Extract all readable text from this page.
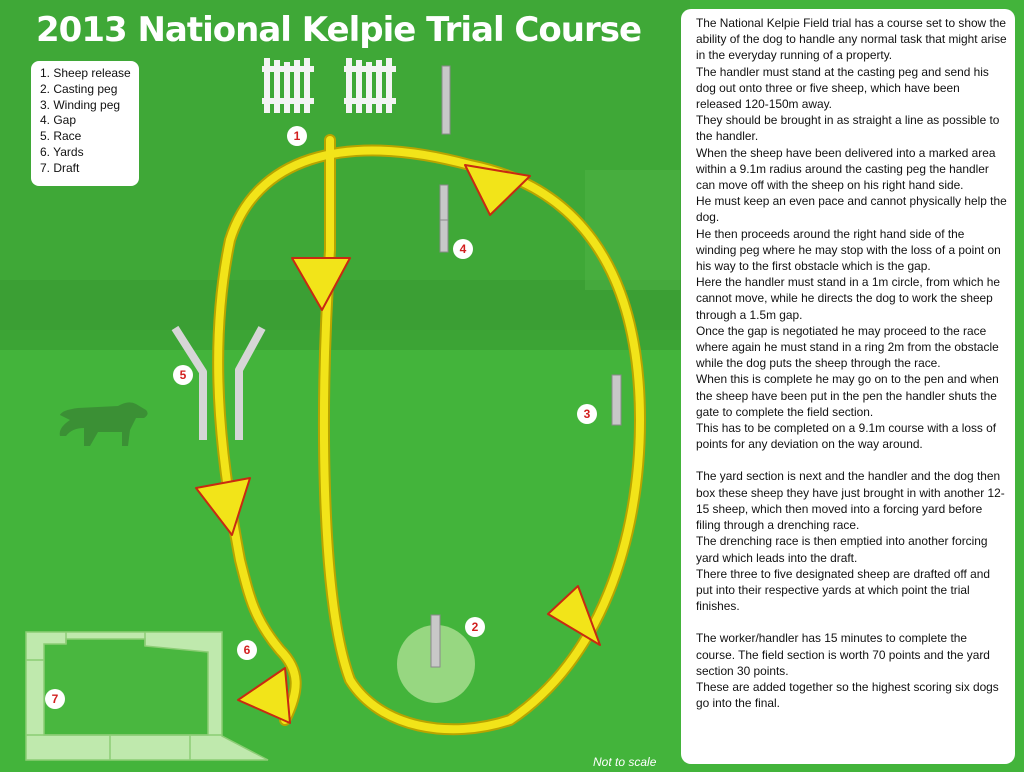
1
2
3
4
5
6
7
2013 National Kelpie Trial Course
1. Sheep release
2. Casting peg
3. Winding peg
4. Gap
5. Race
6. Yards
7. Draft

The National Kelpie Field trial has a course set to show the ability of the dog to handle any normal task that might arise in the everyday running of a property.

The handler must stand at the casting peg and send his dog out onto three or five sheep, which have been released 120-150m away.

They should be brought in as straight a line as possible to the handler.

When the sheep have been delivered into a marked area within a 9.1m radius around the casting peg the handler can move off with the sheep on his right hand side.

He must keep an even pace and cannot physically help the dog.

He then proceeds around the right hand side of the winding peg where he may stop with the loss of a point on his way to the first obstacle which is the gap.

Here the handler must stand in a 1m circle, from which he cannot move, while he directs the dog to work the sheep through a 1.5m gap.

Once the gap is negotiated he may proceed to the race where again he must stand in a ring 2m from the obstacle while the dog puts the sheep through the race.

When this is complete he may go on to the pen and when the sheep have been put in the pen the handler shuts the gate to complete the field section.

This has to be completed on a 9.1m course with a loss of points for any deviation on the way around.

The yard section is next and the handler and the dog then box these sheep they have just brought in with another 12-15 sheep, which then moved into a forcing yard before filing through a drenching race.

The drenching race is then emptied into another forcing yard which leads into the draft.

There three to five designated sheep are drafted off and put into their respective yards at which point the trial finishes.

The worker/handler has 15 minutes to complete the course. The field section is worth 70 points and the yard section 30 points.

These are added together so the highest scoring six dogs go into the final.

Not to scale
